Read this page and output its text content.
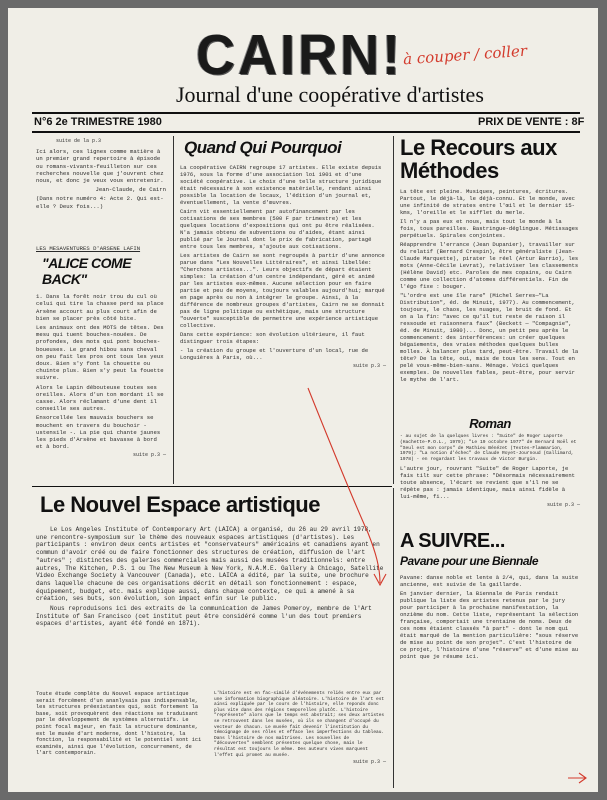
CAIRN! à couper / coller
Journal d'une coopérative d'artistes
N°6 2e TRIMESTRE 1980	PRIX DE VENTE : 8F
suite de la p.3

Ici alors, ces lignes comme matière à un premier grand repertoire à épisode ou romans-vivants-feuilleton sur ces recherches nouvelle que j'ouvrent chez nous, et donc je veux vous entretenir.

Jean-Claude, de Cairn

(Dans notre numéro 4: Acte 2. Qui est-elle ? Deux fois...)

LES MESAVENTURES D'ARSENE LAFIN
"ALICE COME BACK"

1. Dans la forêt noir trou du cul où celui qui tire la chasse perd sa place Arsène accourt au plus court afin de bien se placer près côté bite.

Les animaux ont des MOTS de têtes. Des mesu qui tuent bouches-nouées. De profondes, des mots qui pont bouches-boueuses. Le grand hibou sans cheval on peu fait les pros ont tous les yeux doux. Bien s'y font la chouette ou chuinte plus. Bien s'y peut la fouette suivre.

Alors le Lapin débouteuse toutes ses oreilles. Alors d'un ton mordant il se casse. Alors réclamant d'une dent il conseille ses autres.

Ensorcellée les mauvais bouchers se mouchent en travers du bouchoir - ustensile -. La pie qui chante jaunes les pieds d'Arsène et bavasse à bord et à bord.

suite p.3 —
Quand Qui Pourquoi

La coopérative CAIRN regroupe 17 artistes. Elle existe depuis 1976, sous la forme d'une association loi 1901 et d'une société coopérative. Le choix d'une telle structure juridique était nécessaire à son existence matérielle, rendant ainsi possible la location de locaux, l'édition d'un journal et, éventuellement, la vente d'œuvres.

Cairn vit essentiellement par autofinancement par les cotisations de ses membres (500 F par trimestre) et les quelques locations d'expositions qui ont pu être réalisées. N'a jamais obtenu de subventions ou d'aides, étant ainsi publié par le Journal dont le prix de fabrication, partagé entre tous les membres, s'ajoute aux cotisations.

Les artistes de Cairn se sont regroupés à partir d'une annonce parue dans "Les Nouvelles Littéraires", et ainsi libellée: "Cherchons artistes...". Leurs objectifs de départ étaient simples: la création d'un centre indépendant, géré et animé par les artistes eux-mêmes. Aucune sélection pour en faire partie et peu de moyens, toujours valables aujourd'hui; marqué en page après ou non à intégrer le groupe. Ainsi, à la différence de nombreux groupes d'artistes, Cairn ne se donnait pas de ligne politique ou esthétique, mais une structure "ouverte" susceptible de permettre une expérience artistique collective.

Dans cette expérience: son évolution ultérieure, il faut distinguer trois étapes:

- la création du groupe et l'ouverture d'un local, rue de Longuières à Paris, où...

suite p.3 —
Le Recours aux Méthodes

La tête est pleine. Musiques, peintures, écritures. Partout, le déjà-là, le déjà-connu. Et le monde, avec une infinité de strates entre l'œil et le dernier 15-kms, l'oreille et le sifflet du merle.

Il n'y a pas eux et nous, mais tout le monde à la fois, tous pareilles. Bastringue-déglingue. Métissages perpétuels. Spirales conjointes.

Réapprendre l'errance (Jean Dupanier), travailler sur du relatif (Bernard Crespin), être généraliste (Jean-Claude Marquette), pirater le réel (Artur Barrio), les mots (Anne-Cécile Levrat), relativiser les classements (Hélène David) etc. Paroles de mes copains, ou Cairn comme une collection d'atomes différentiels. Fin de l'égo fixe : bouger.

"L'ordre est une île rare" (Michel Serres—"La Distribution", éd. de Minuit, 1977). Au commencement, toujours, le chaos, les nuages, le bruit de fond. Et on a la fin: "avec ce qu'il tut reste de raison il ressoude et raisonnera faux" (Beckett — "Compagnie", éd. de Minuit, 1980)... Donc, un petit peu après le commencement: des interférences: un créer quelques bégaiements, des vraies méthodes quelques bulles molles. À balancer plus tard, peut-être. Travail de la tête? De la tête, oui, mais de tous les sens. Tout en pelé vous-même-bien-sans. Ménage. Voici quelques exemples. De nouvelles fables, peut-être, pour servir le mythe de l'art.

Roman

- au sujet de la quelques livres : "Suite" de Roger Laporte (Hachette-P.O.L., 1979); "Le 19 octobre 1977" de Bernard Noël et "Seul est mon corps" de Mathieu Bénézet (Textes-Flammarion, 1979); "La notion d'échec" de Claude Royet-Journoud (Gallimard, 1978) - en regardant les travaux de Victor Burgin.

L'autre jour, rouvrant "Suite" de Roger Laporte, je fais tilt sur cette phrase: "Désormais nécessairement toute absence, l'écart se revient que s'il ne se répète pas : jamais identique, mais ainsi fidèle à lui-même, fi...

suite p.3 —
A SUIVRE...
Pavane pour une Biennale

Pavane: danse noble et lente à 2/4, qui, dans la suite ancienne, est suivie de la gaillarde.

En janvier dernier, la Biennale de Paris rendait publique la liste des artistes retenus par le jury pour participer à la prochaine manifestation, la onzième du nom. Cette liste, représentant la sélection française, comportait une trentaine de noms. Deux de ces noms étaient classés "à part" - dont le nom qui était marqué de la mention particulière: "sous réserve de mise au point de son projet". C'est l'histoire de ce projet, l'histoire d'une "réserve" et d'une mise au point que je résume ici.

Le Nouvel Espace artistique

Le Los Angeles Institute of Contemporary Art (LAICA) a organisé, du 26 au 29 avril 1978, une rencontre-symposium sur le thème des nouveaux espaces artistiques (d'artistes). Les participants : environ deux cents artistes et "conservateurs" américains et canadiens ayant en commun d'avoir créé ou de faire fonctionner des structures de création, diffusion de l'art "autres" ; distinctes des galeries commerciales mais aussi des musées traditionnels: entre autres, The Kitchen, P.S. 1 ou The New Museum à New York, N.A.M.E. Gallery à Chicago, Satellite Video Exchange Society à Vancouver (Canada), etc. LAICA a édité, par la suite, une brochure dans laquelle chacune de ces organisations décrit en détail son fonctionnement : espace, équipement, budget, etc. mais explique aussi, dans chaque contexte, ce qui a amené à sa création, ses buts, son évolution, son impact enfin sur le public.

Nous reproduisons ici des extraits de la communication de James Pomeroy, membre de l'Art Institute of San Francisco (cet institut peut être considéré comme l'un des tout premiers espaces d'artistes, ayant été fondé en 1871).

Toute étude complète du Nouvel espace artistique serait forcément d'un ananlysais pas indispensable, les structures préexistantes qui, soit fortement la base, soit provoquèrent des réactions se traduisant par le développement de systèmes alternatifs. Le point focal majeur, en fait la structure dominante, est le musée d'art moderne, dont l'histoire, la fonction, la responsabilité et le potentiel sont ici examinés, ainsi que l'évolution, concurrement, de l'art contemporain.

L'histoire est en fac-similé d'événements reliés entre eux par une information biographique aléatoire. L'histoire de l'art est ainsi expliquée par le cours de l'histoire, elle reponds donc plus vite dans des régions temporelles plutôt. L'histoire "représente" alors que le temps est abstrait; ses deux artistes se retrouvent dans les musées, où ils se changent d'occupé du vecteur de chacun. Le musée fait devenir l'institution du témoignage de ses rôles et efface les imperfections du tableau. Dans l'histoire de nos maîtrises. Les nouvelles de "découvertes" semblent présentes quelque chose, mais le résultat est toujours le même. Des auteurs vives marquent l'effet qui promet au musée.

suite p.3 —
